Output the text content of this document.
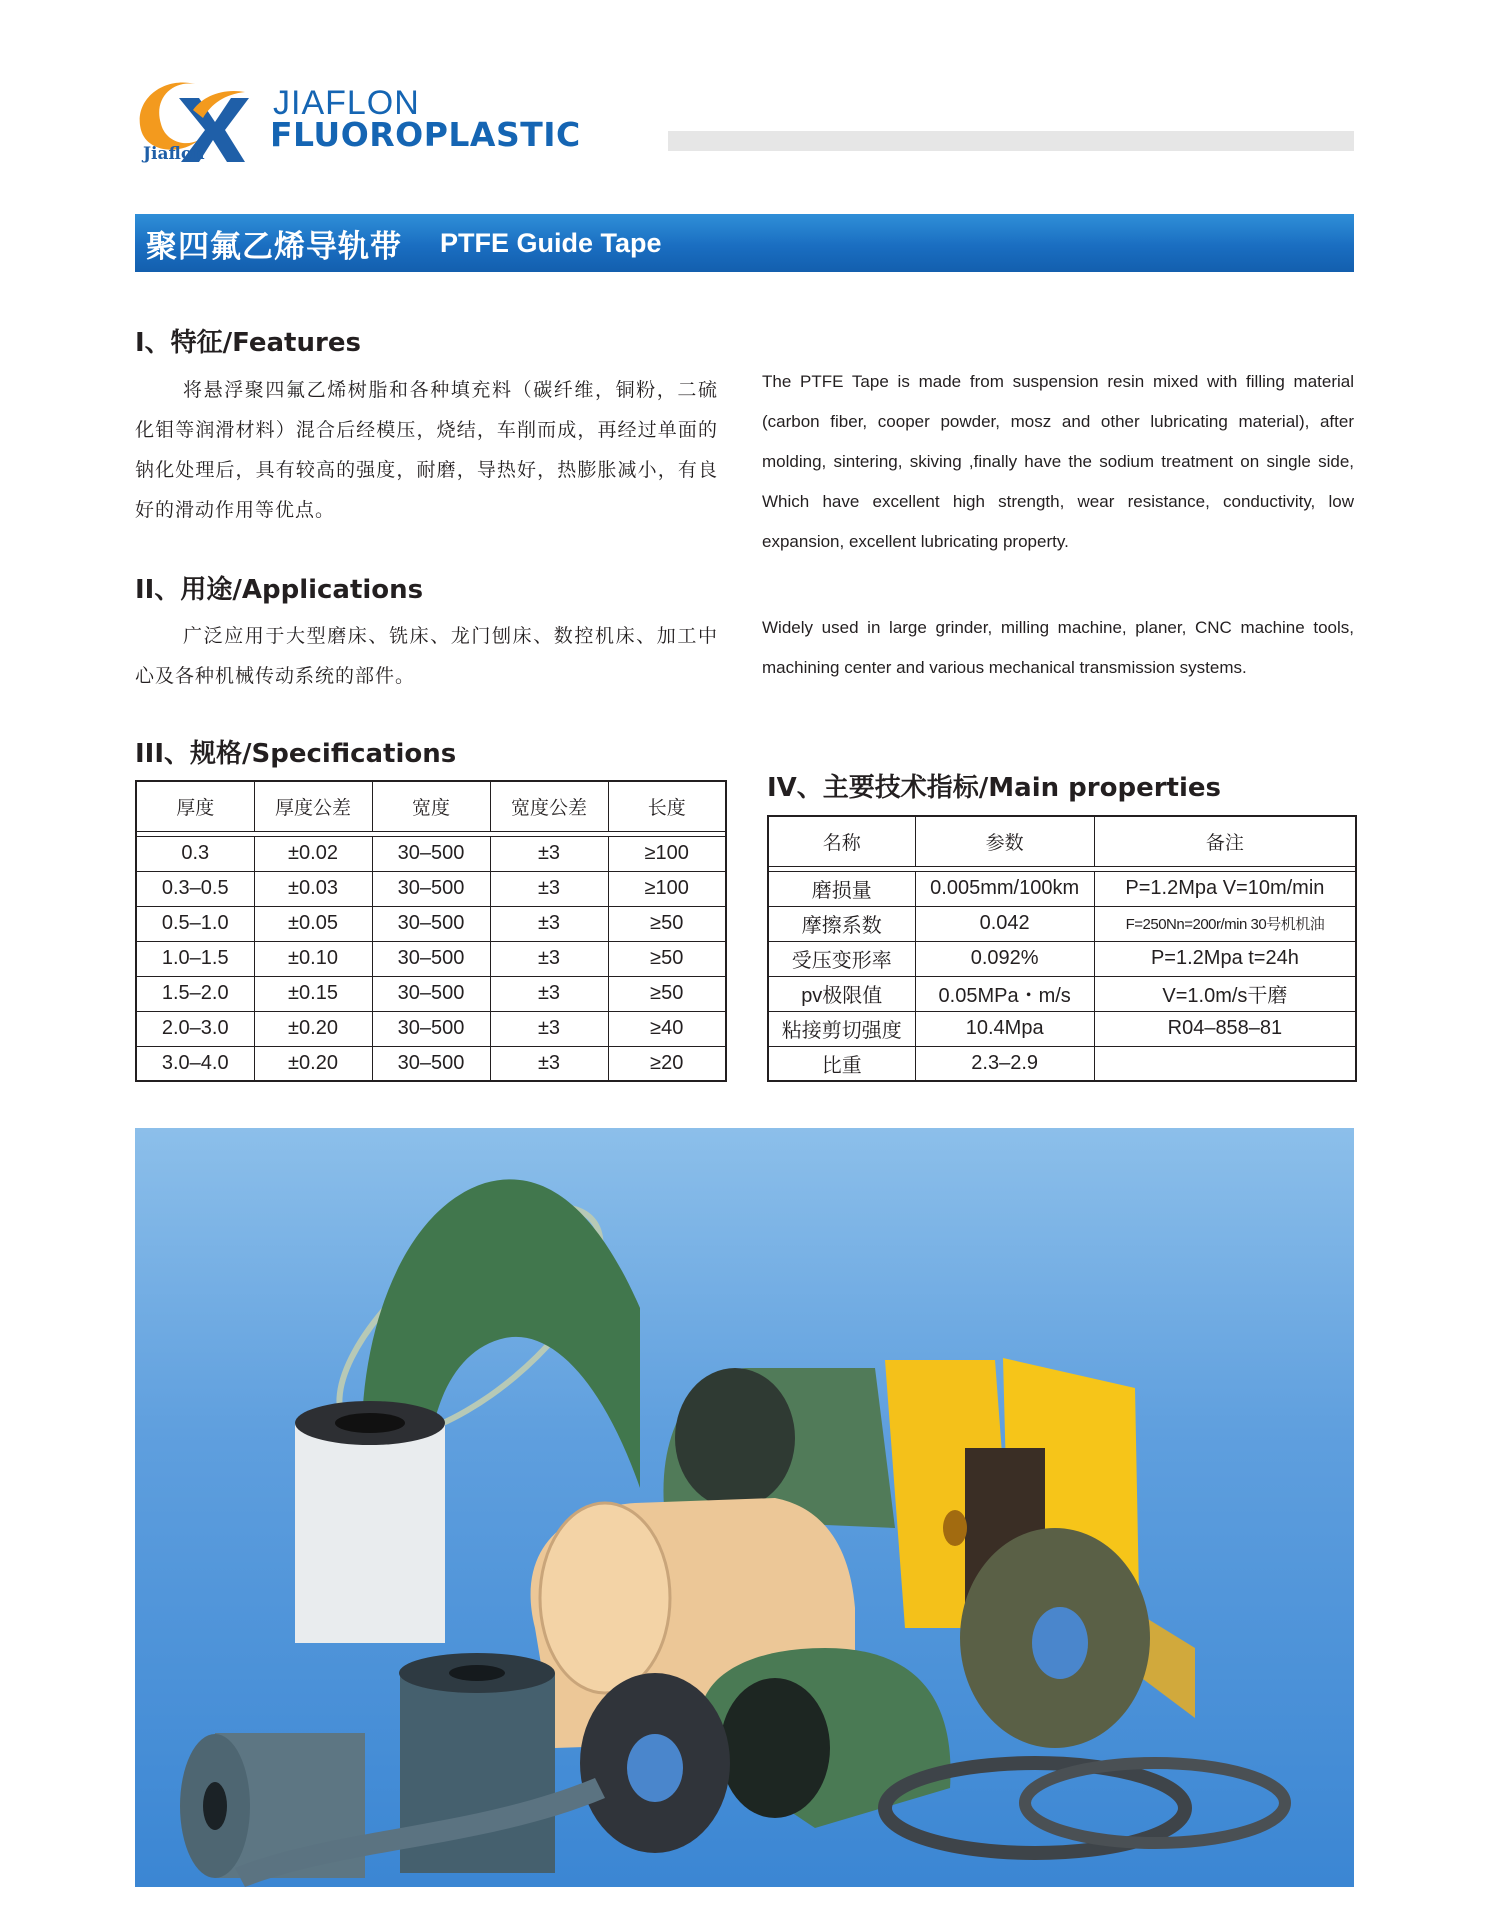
Jiaflon
JIAFLON
FLUOROPLASTIC
聚四氟乙烯导轨带 PTFE Guide Tape
I、特征/Features
将悬浮聚四氟乙烯树脂和各种填充料（碳纤维，铜粉，二硫化钼等润滑材料）混合后经模压，烧结，车削而成，再经过单面的钠化处理后，具有较高的强度，耐磨，导热好，热膨胀减小，有良好的滑动作用等优点。
The PTFE Tape is made from suspension resin mixed with filling material (carbon fiber, cooper powder, mosz and other lubricating material), after molding, sintering, skiving ,finally have the sodium treatment on single side, Which have excellent high strength, wear resistance, conductivity, low expansion, excellent lubricating property.
II、用途/Applications
广泛应用于大型磨床、铣床、龙门刨床、数控机床、加工中心及各种机械传动系统的部件。
Widely used in large grinder, milling machine, planer, CNC machine tools, machining center and various mechanical transmission systems.
III、规格/Specifications
厚度	厚度公差	宽度	宽度公差	长度

0.3	±0.02	30–500	±3	≥100
0.3–0.5	±0.03	30–500	±3	≥100
0.5–1.0	±0.05	30–500	±3	≥50
1.0–1.5	±0.10	30–500	±3	≥50
1.5–2.0	±0.15	30–500	±3	≥50
2.0–3.0	±0.20	30–500	±3	≥40
3.0–4.0	±0.20	30–500	±3	≥20
IV、主要技术指标/Main properties
名称	参数	备注

磨损量	0.005mm/100km	P=1.2Mpa V=10m/min
摩擦系数	0.042	F=250Nn=200r/min 30号机机油
受压变形率	0.092%	P=1.2Mpa t=24h
pv极限值	0.05MPa・m/s	V=1.0m/s干磨
粘接剪切强度	10.4Mpa	R04–858–81
比重	2.3–2.9	
